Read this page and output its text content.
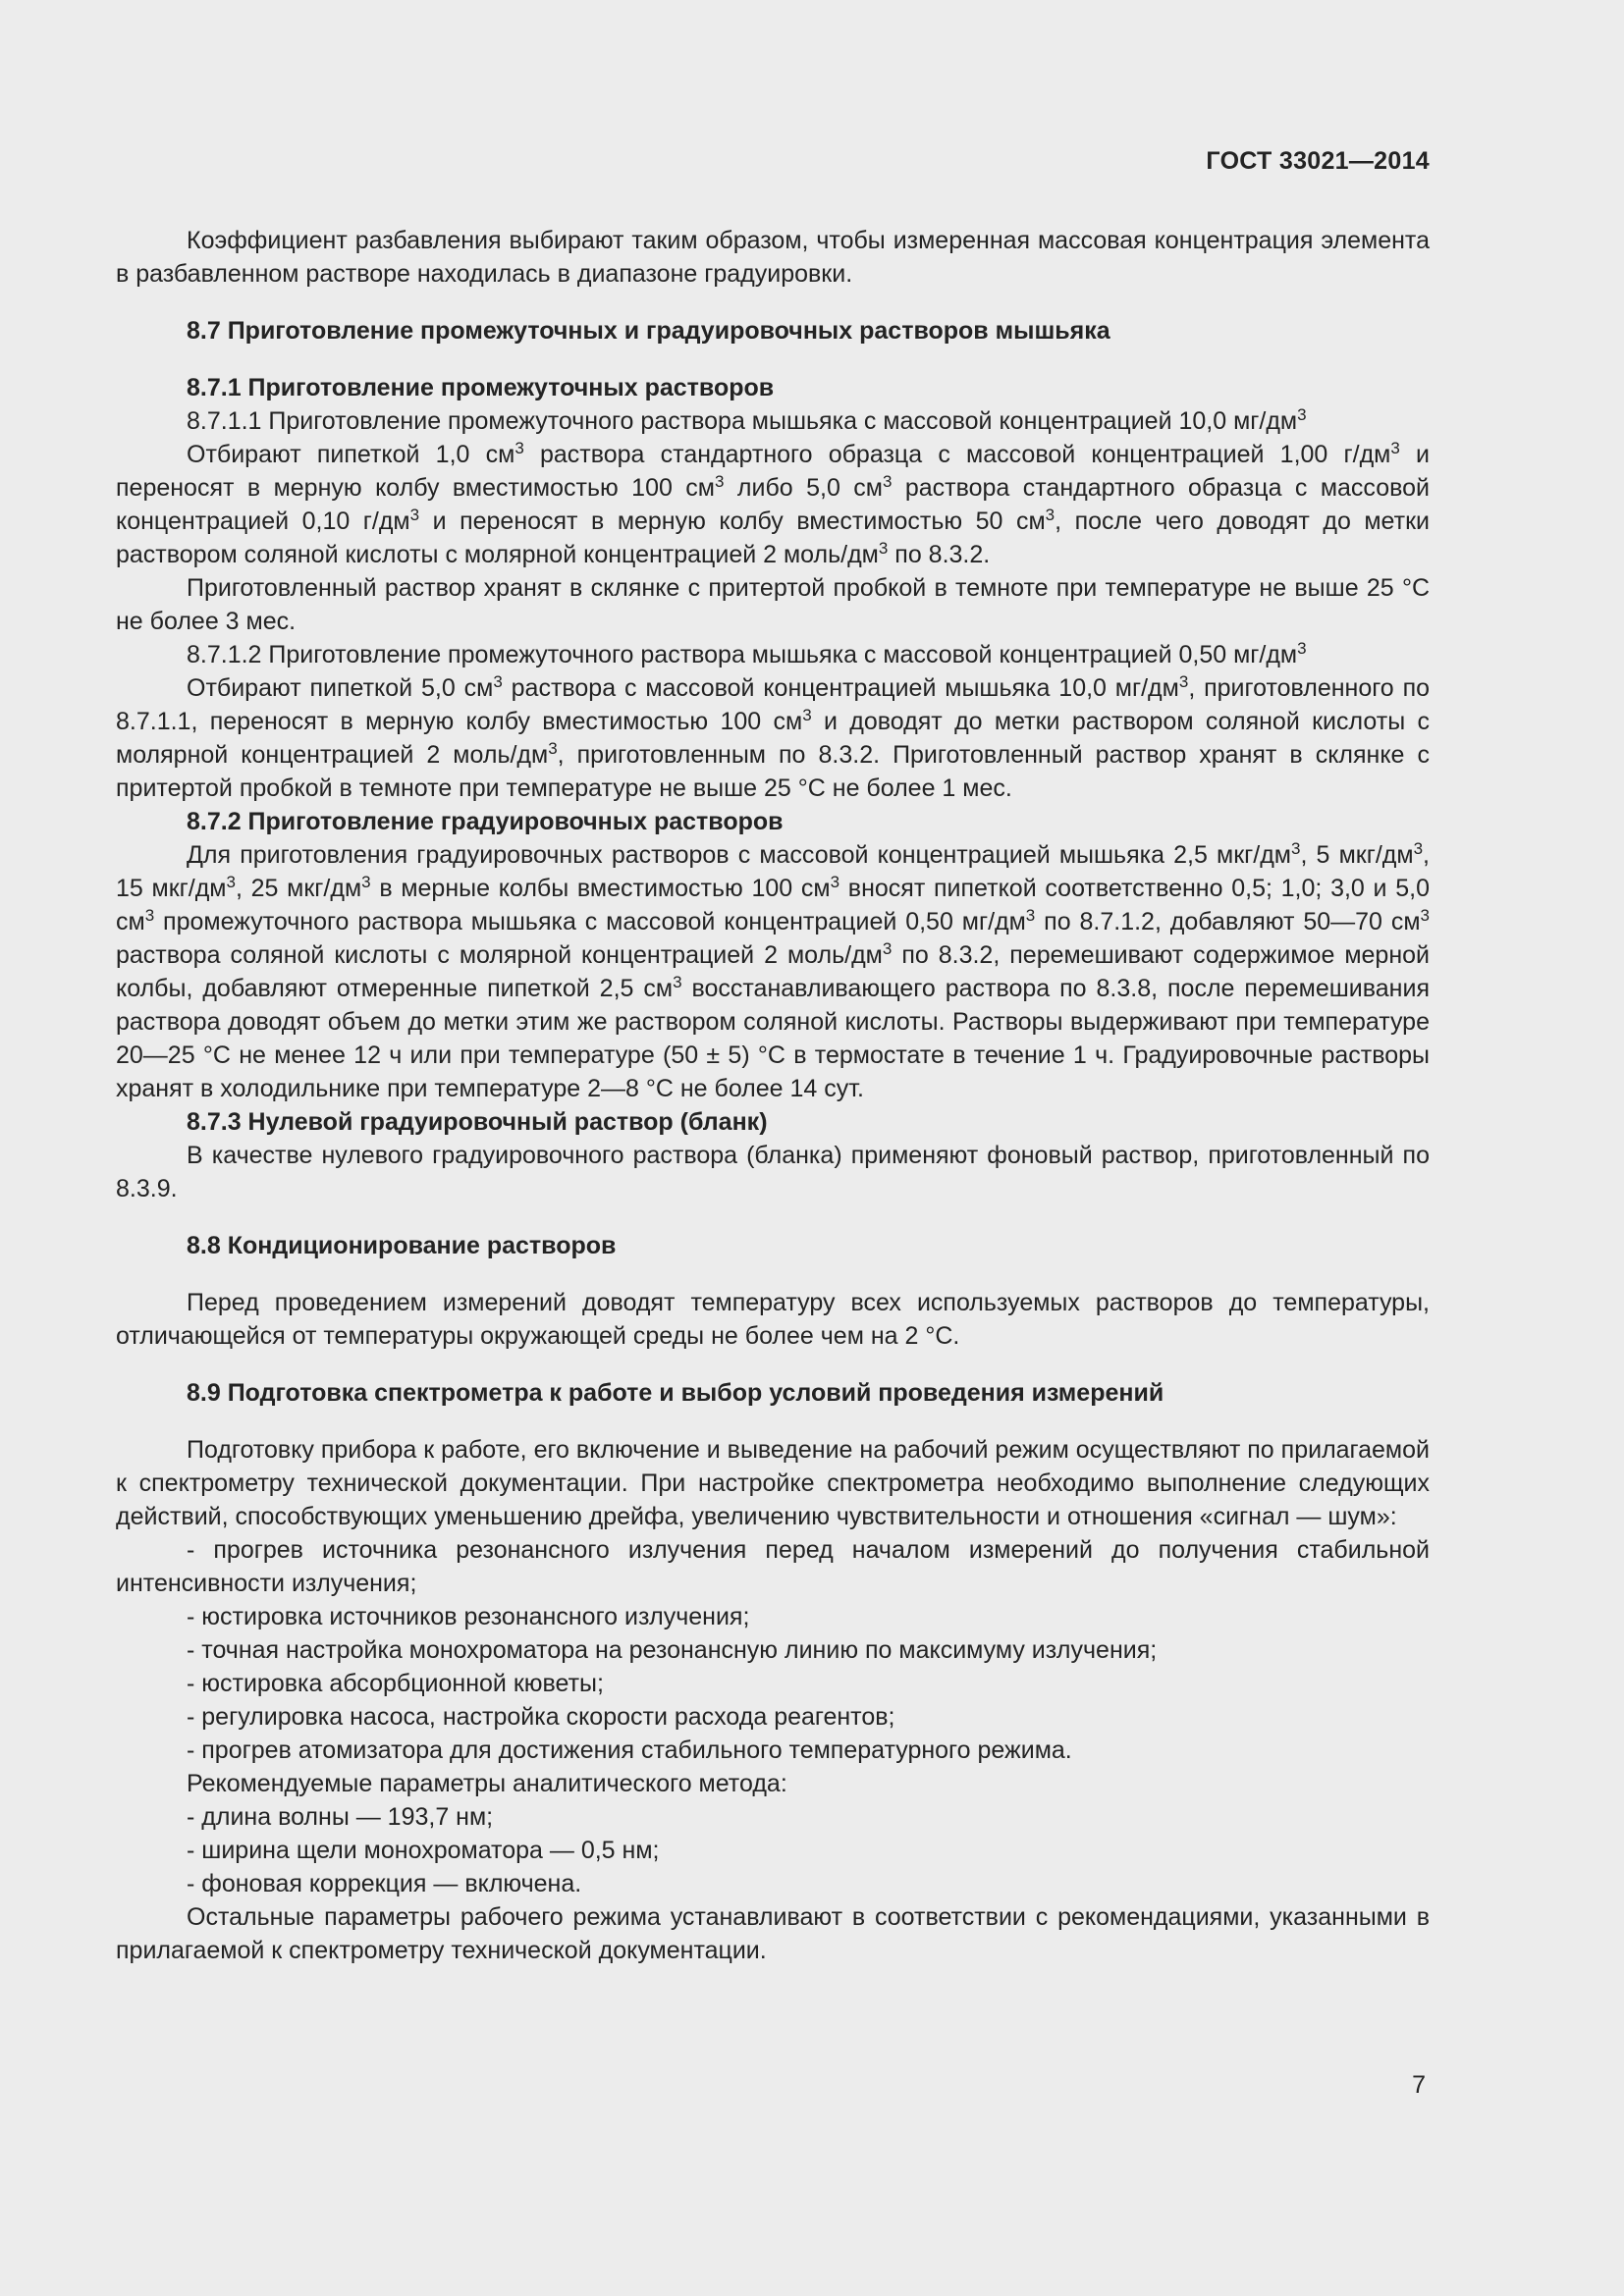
ГОСТ 33021—2014

Коэффициент разбавления выбирают таким образом, чтобы измеренная массовая концентрация элемента в разбавленном растворе находилась в диапазоне градуировки.

8.7 Приготовление промежуточных и градуировочных растворов мышьяка

8.7.1 Приготовление промежуточных растворов

8.7.1.1 Приготовление промежуточного раствора мышьяка с массовой концентрацией 10,0 $мг/дм^3$

Отбирают пипеткой 1,0 $см^3$ раствора стандартного образца с массовой концентрацией 1,00 $г/дм^3$ и переносят в мерную колбу вместимостью 100 $см^3$ либо 5,0 $см^3$ раствора стандартного образца с массовой концентрацией 0,10 $г/дм^3$ и переносят в мерную колбу вместимостью 50 $см^3$, после чего доводят до метки раствором соляной кислоты с молярной концентрацией 2 моль/$дм^3$ по 8.3.2.

Приготовленный раствор хранят в склянке с притертой пробкой в темноте при температуре не выше 25 °С не более 3 мес.

8.7.1.2 Приготовление промежуточного раствора мышьяка с массовой концентрацией 0,50 $мг/дм^3$

Отбирают пипеткой 5,0 $см^3$ раствора с массовой концентрацией мышьяка 10,0 $мг/дм^3$, приготовленного по 8.7.1.1, переносят в мерную колбу вместимостью 100 $см^3$ и доводят до метки раствором соляной кислоты с молярной концентрацией 2 моль/$дм^3$, приготовленным по 8.3.2. Приготовленный раствор хранят в склянке с притертой пробкой в темноте при температуре не выше 25 °С не более 1 мес.

8.7.2 Приготовление градуировочных растворов

Для приготовления градуировочных растворов с массовой концентрацией мышьяка 2,5 мкг/$дм^3$, 5 мкг/$дм^3$, 15 мкг/$дм^3$, 25 мкг/$дм^3$ в мерные колбы вместимостью 100 $см^3$ вносят пипеткой соответственно 0,5; 1,0; 3,0 и 5,0 $см^3$ промежуточного раствора мышьяка с массовой концентрацией 0,50 $мг/дм^3$ по 8.7.1.2, добавляют 50—70 $см^3$ раствора соляной кислоты с молярной концентрацией 2 моль/$дм^3$ по 8.3.2, перемешивают содержимое мерной колбы, добавляют отмеренные пипеткой 2,5 $см^3$ восстанавливающего раствора по 8.3.8, после перемешивания раствора доводят объем до метки этим же раствором соляной кислоты. Растворы выдерживают при температуре 20—25 °С не менее 12 ч или при температуре (50 ± 5) °С в термостате в течение 1 ч. Градуировочные растворы хранят в холодильнике при температуре 2—8 °С не более 14 сут.

8.7.3 Нулевой градуировочный раствор (бланк)

В качестве нулевого градуировочного раствора (бланка) применяют фоновый раствор, приготовленный по 8.3.9.

8.8 Кондиционирование растворов

Перед проведением измерений доводят температуру всех используемых растворов до температуры, отличающейся от температуры окружающей среды не более чем на 2 °С.

8.9 Подготовка спектрометра к работе и выбор условий проведения измерений

Подготовку прибора к работе, его включение и выведение на рабочий режим осуществляют по прилагаемой к спектрометру технической документации. При настройке спектрометра необходимо выполнение следующих действий, способствующих уменьшению дрейфа, увеличению чувствительности и отношения «сигнал — шум»:

- прогрев источника резонансного излучения перед началом измерений до получения стабильной интенсивности излучения;

- юстировка источников резонансного излучения;

- точная настройка монохроматора на резонансную линию по максимуму излучения;

- юстировка абсорбционной кюветы;

- регулировка насоса, настройка скорости расхода реагентов;

- прогрев атомизатора для достижения стабильного температурного режима.

Рекомендуемые параметры аналитического метода:

- длина волны — 193,7 нм;

- ширина щели монохроматора — 0,5 нм;

- фоновая коррекция — включена.

Остальные параметры рабочего режима устанавливают в соответствии с рекомендациями, указанными в прилагаемой к спектрометру технической документации.

7
